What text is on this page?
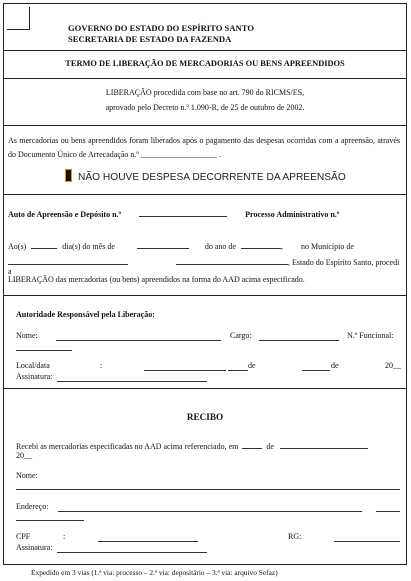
GOVERNO DO ESTADO DO ESPÍRITO SANTO
SECRETARIA DE ESTADO DA FAZENDA
TERMO DE LIBERAÇÃO DE MERCADORIAS OU BENS APREENDIDOS
LIBERAÇÃO procedida com base no art. 790 do RICMS/ES,
aprovado pelo Decreto n.º 1.090-R, de 25 de outubro de 2002.
As mercadorias ou bens apreendidos foram liberados após o pagamento das despesas ocorridas com a apreensão, através do Documento Único de Arrecadação n.º ___________________ .
NÃO HOUVE DESPESA DECORRENTE DA APREENSÃO
Auto de Apreensão e Depósito n.º	Processo Administrativo n.º
Ao(s)	dia(s) do mês de	do ano de	, no Município de
, Estado do Espírito Santo, procedi a
LIBERAÇÃO das mercadorias (ou bens) apreendidos na forma do AAD acima especificado.
Autoridade Responsável pela Liberação:
Nome:	Cargo:	N.º Funcional:
Local/data	:	de	de	20__
Assinatura:
RECIBO
Recebi as mercadorias especificadas no AAD acima referenciado, em	de
20__
Nome:
Endereço:
CPF	:	RG:
Assinatura:
Expedido em 3 vias (1.ª via: processo – 2.ª via: depositário – 3.ª via: arquivo Sefaz)
